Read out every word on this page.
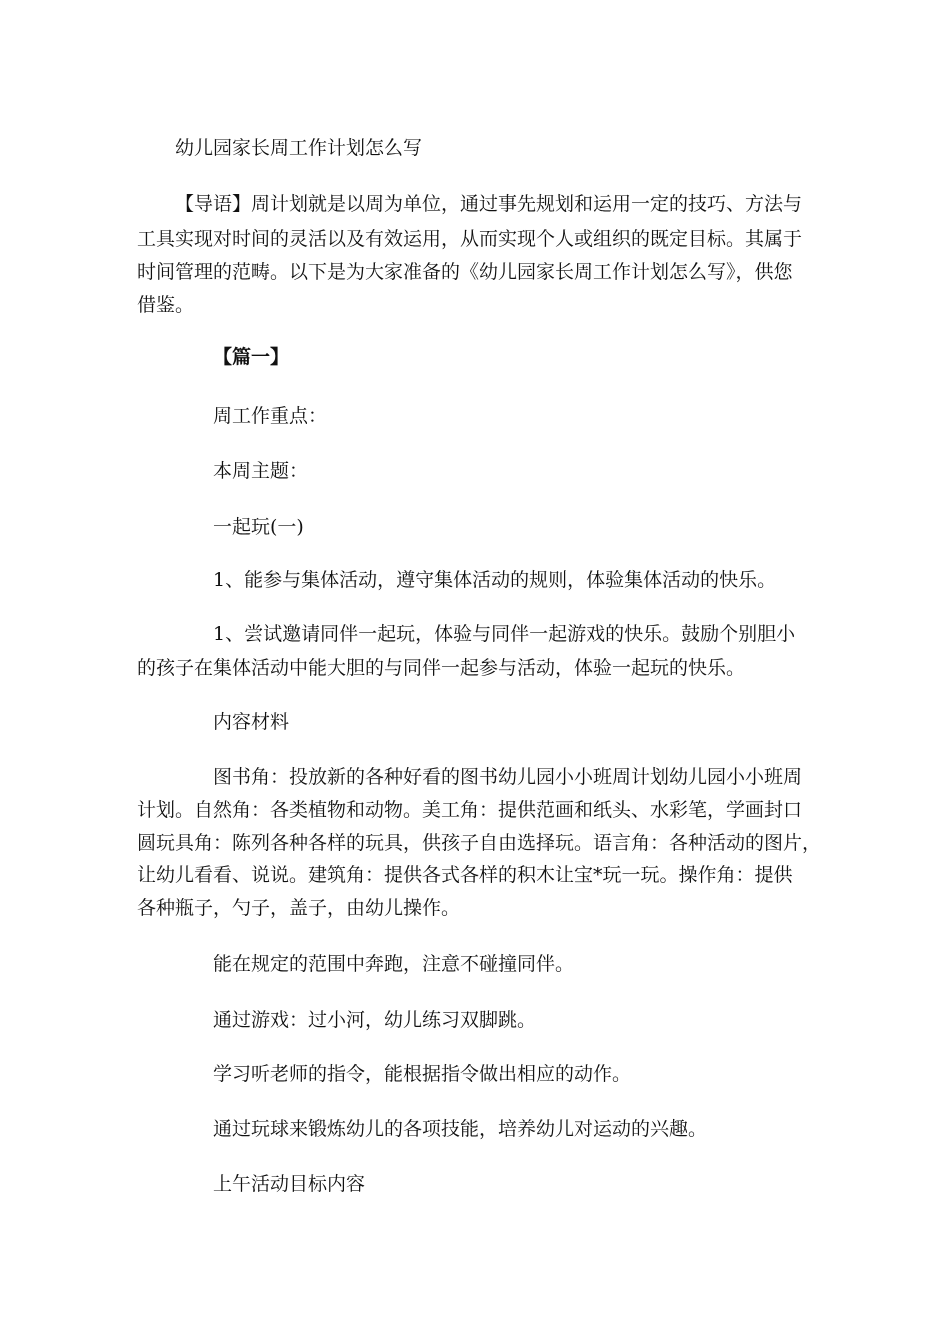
幼儿园家长周工作计划怎么写
【导语】周计划就是以周为单位，通过事先规划和运用一定的技巧、方法与
工具实现对时间的灵活以及有效运用，从而实现个人或组织的既定目标。其属于
时间管理的范畴。以下是为大家准备的《幼儿园家长周工作计划怎么写》，供您
借鉴。
【篇一】
周工作重点：
本周主题：
一起玩(一)
1、能参与集体活动，遵守集体活动的规则，体验集体活动的快乐。
1、尝试邀请同伴一起玩，体验与同伴一起游戏的快乐。鼓励个别胆小
的孩子在集体活动中能大胆的与同伴一起参与活动，体验一起玩的快乐。
内容材料
图书角：投放新的各种好看的图书幼儿园小小班周计划幼儿园小小班周
计划。自然角：各类植物和动物。美工角：提供范画和纸头、水彩笔，学画封口
圆玩具角：陈列各种各样的玩具，供孩子自由选择玩。语言角：各种活动的图片，
让幼儿看看、说说。建筑角：提供各式各样的积木让宝*玩一玩。操作角：提供
各种瓶子，勺子，盖子，由幼儿操作。
能在规定的范围中奔跑，注意不碰撞同伴。
通过游戏：过小河，幼儿练习双脚跳。
学习听老师的指令，能根据指令做出相应的动作。
通过玩球来锻炼幼儿的各项技能，培养幼儿对运动的兴趣。
上午活动目标内容
